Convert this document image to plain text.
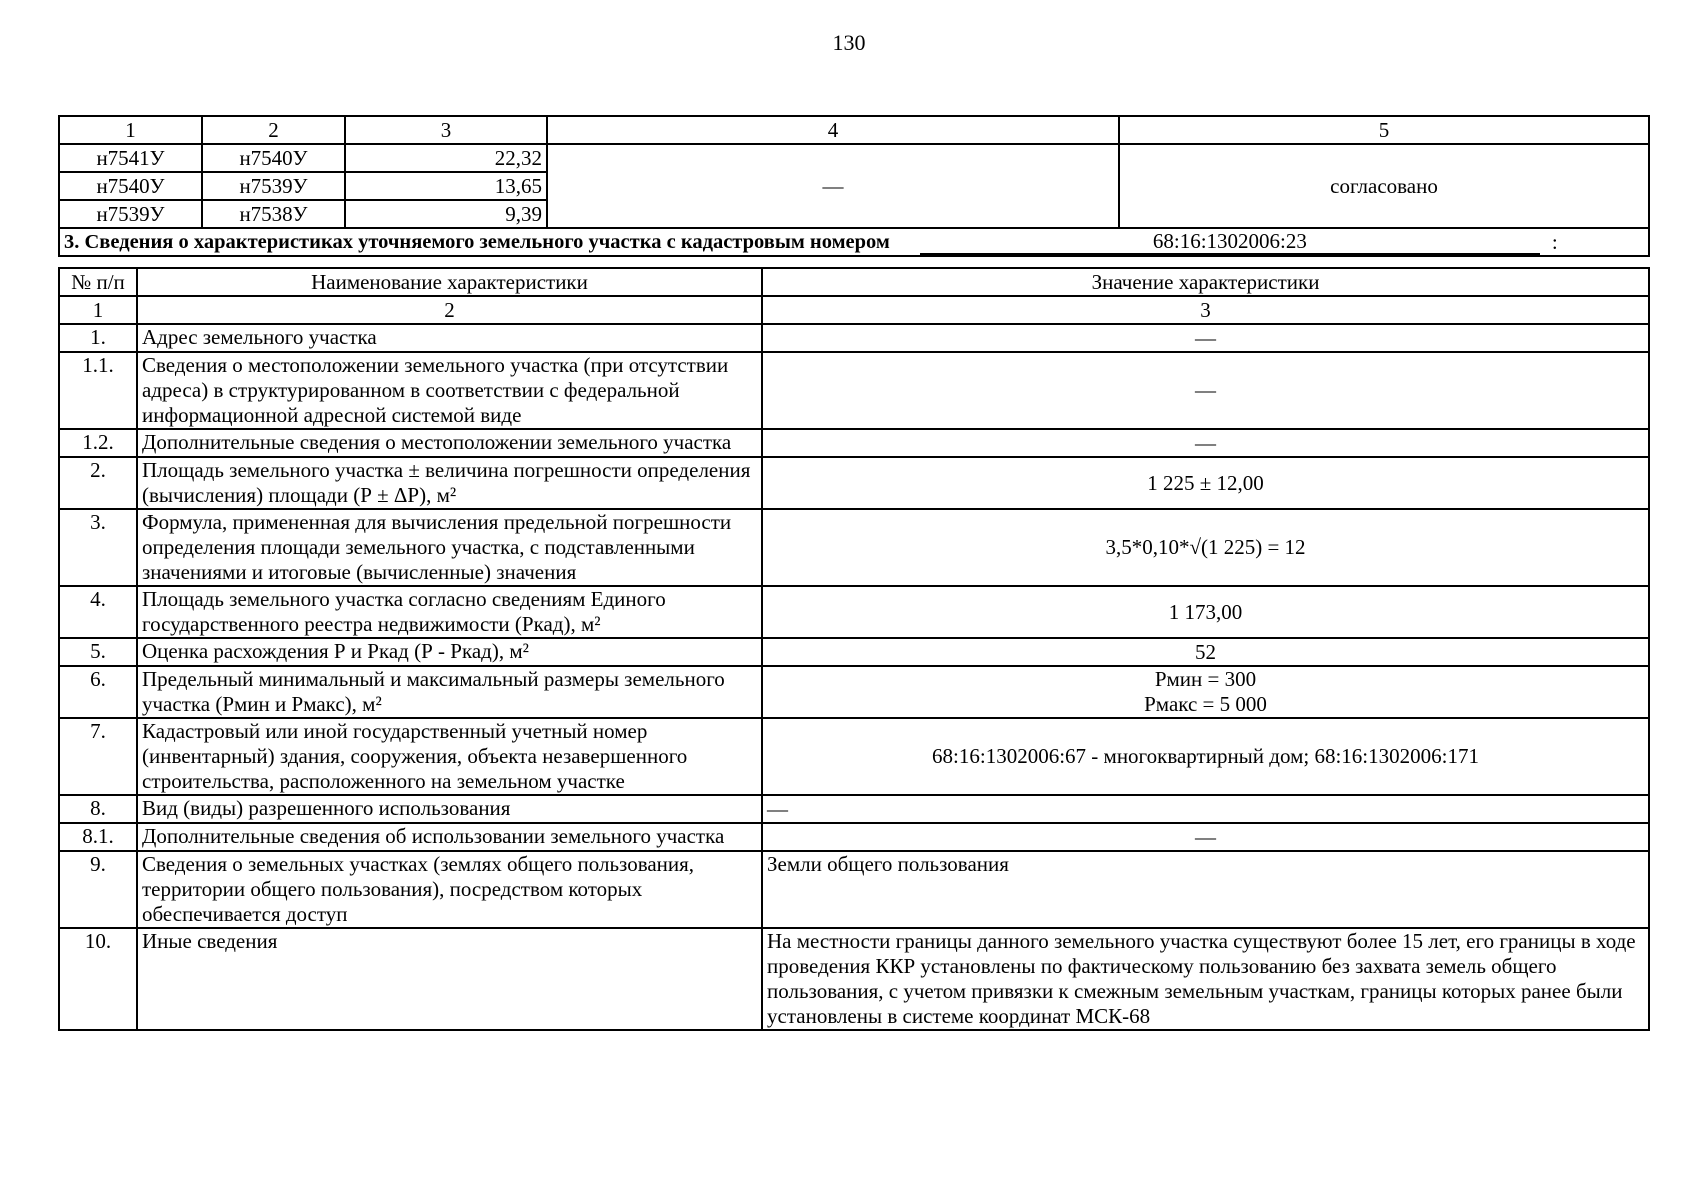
130
1	2	3	4	5
н7541У	н7540У	22,32	—	согласовано
н7540У	н7539У	13,65		
н7539У	н7538У	9,39		

3. Сведения о характеристиках уточняемого земельного участка с кадастровым номером 68:16:1302006:23 :				
№ п/п	Наименование характеристики	Значение характеристики
1	2	3
1.	Адрес земельного участка	—
1.1.	Сведения о местоположении земельного участка (при отсутствии адреса) в структурированном в соответствии с федеральной информационной адресной системой виде	—
1.2.	Дополнительные сведения о местоположении земельного участка	—
2.	Площадь земельного участка ± величина погрешности определения (вычисления) площади (Р ± ΔР), м²	1 225 ± 12,00
3.	Формула, примененная для вычисления предельной погрешности определения площади земельного участка, с подставленными значениями и итоговые (вычисленные) значения	3,5*0,10*√(1 225) = 12
4.	Площадь земельного участка согласно сведениям Единого государственного реестра недвижимости (Ркад), м²	1 173,00
5.	Оценка расхождения Р и Ркад (Р - Ркад), м²	52
6.	Предельный минимальный и максимальный размеры земельного участка (Рмин и Рмакс), м²	Рмин = 300
Рмакс = 5 000

7.	Кадастровый или иной государственный учетный номер (инвентарный) здания, сооружения, объекта незавершенного строительства, расположенного на земельном участке	68:16:1302006:67 - многоквартирный дом; 68:16:1302006:171
8.	Вид (виды) разрешенного использования	—
8.1.	Дополнительные сведения об использовании земельного участка	—
9.	Сведения о земельных участках (землях общего пользования, территории общего пользования), посредством которых обеспечивается доступ	Земли общего пользования
10.	Иные сведения	На местности границы данного земельного участка существуют более 15 лет, его границы в ходе проведения ККР установлены по фактическому пользованию без захвата земель общего пользования, с учетом привязки к смежным земельным участкам, границы которых ранее были установлены в системе координат МСК-68
